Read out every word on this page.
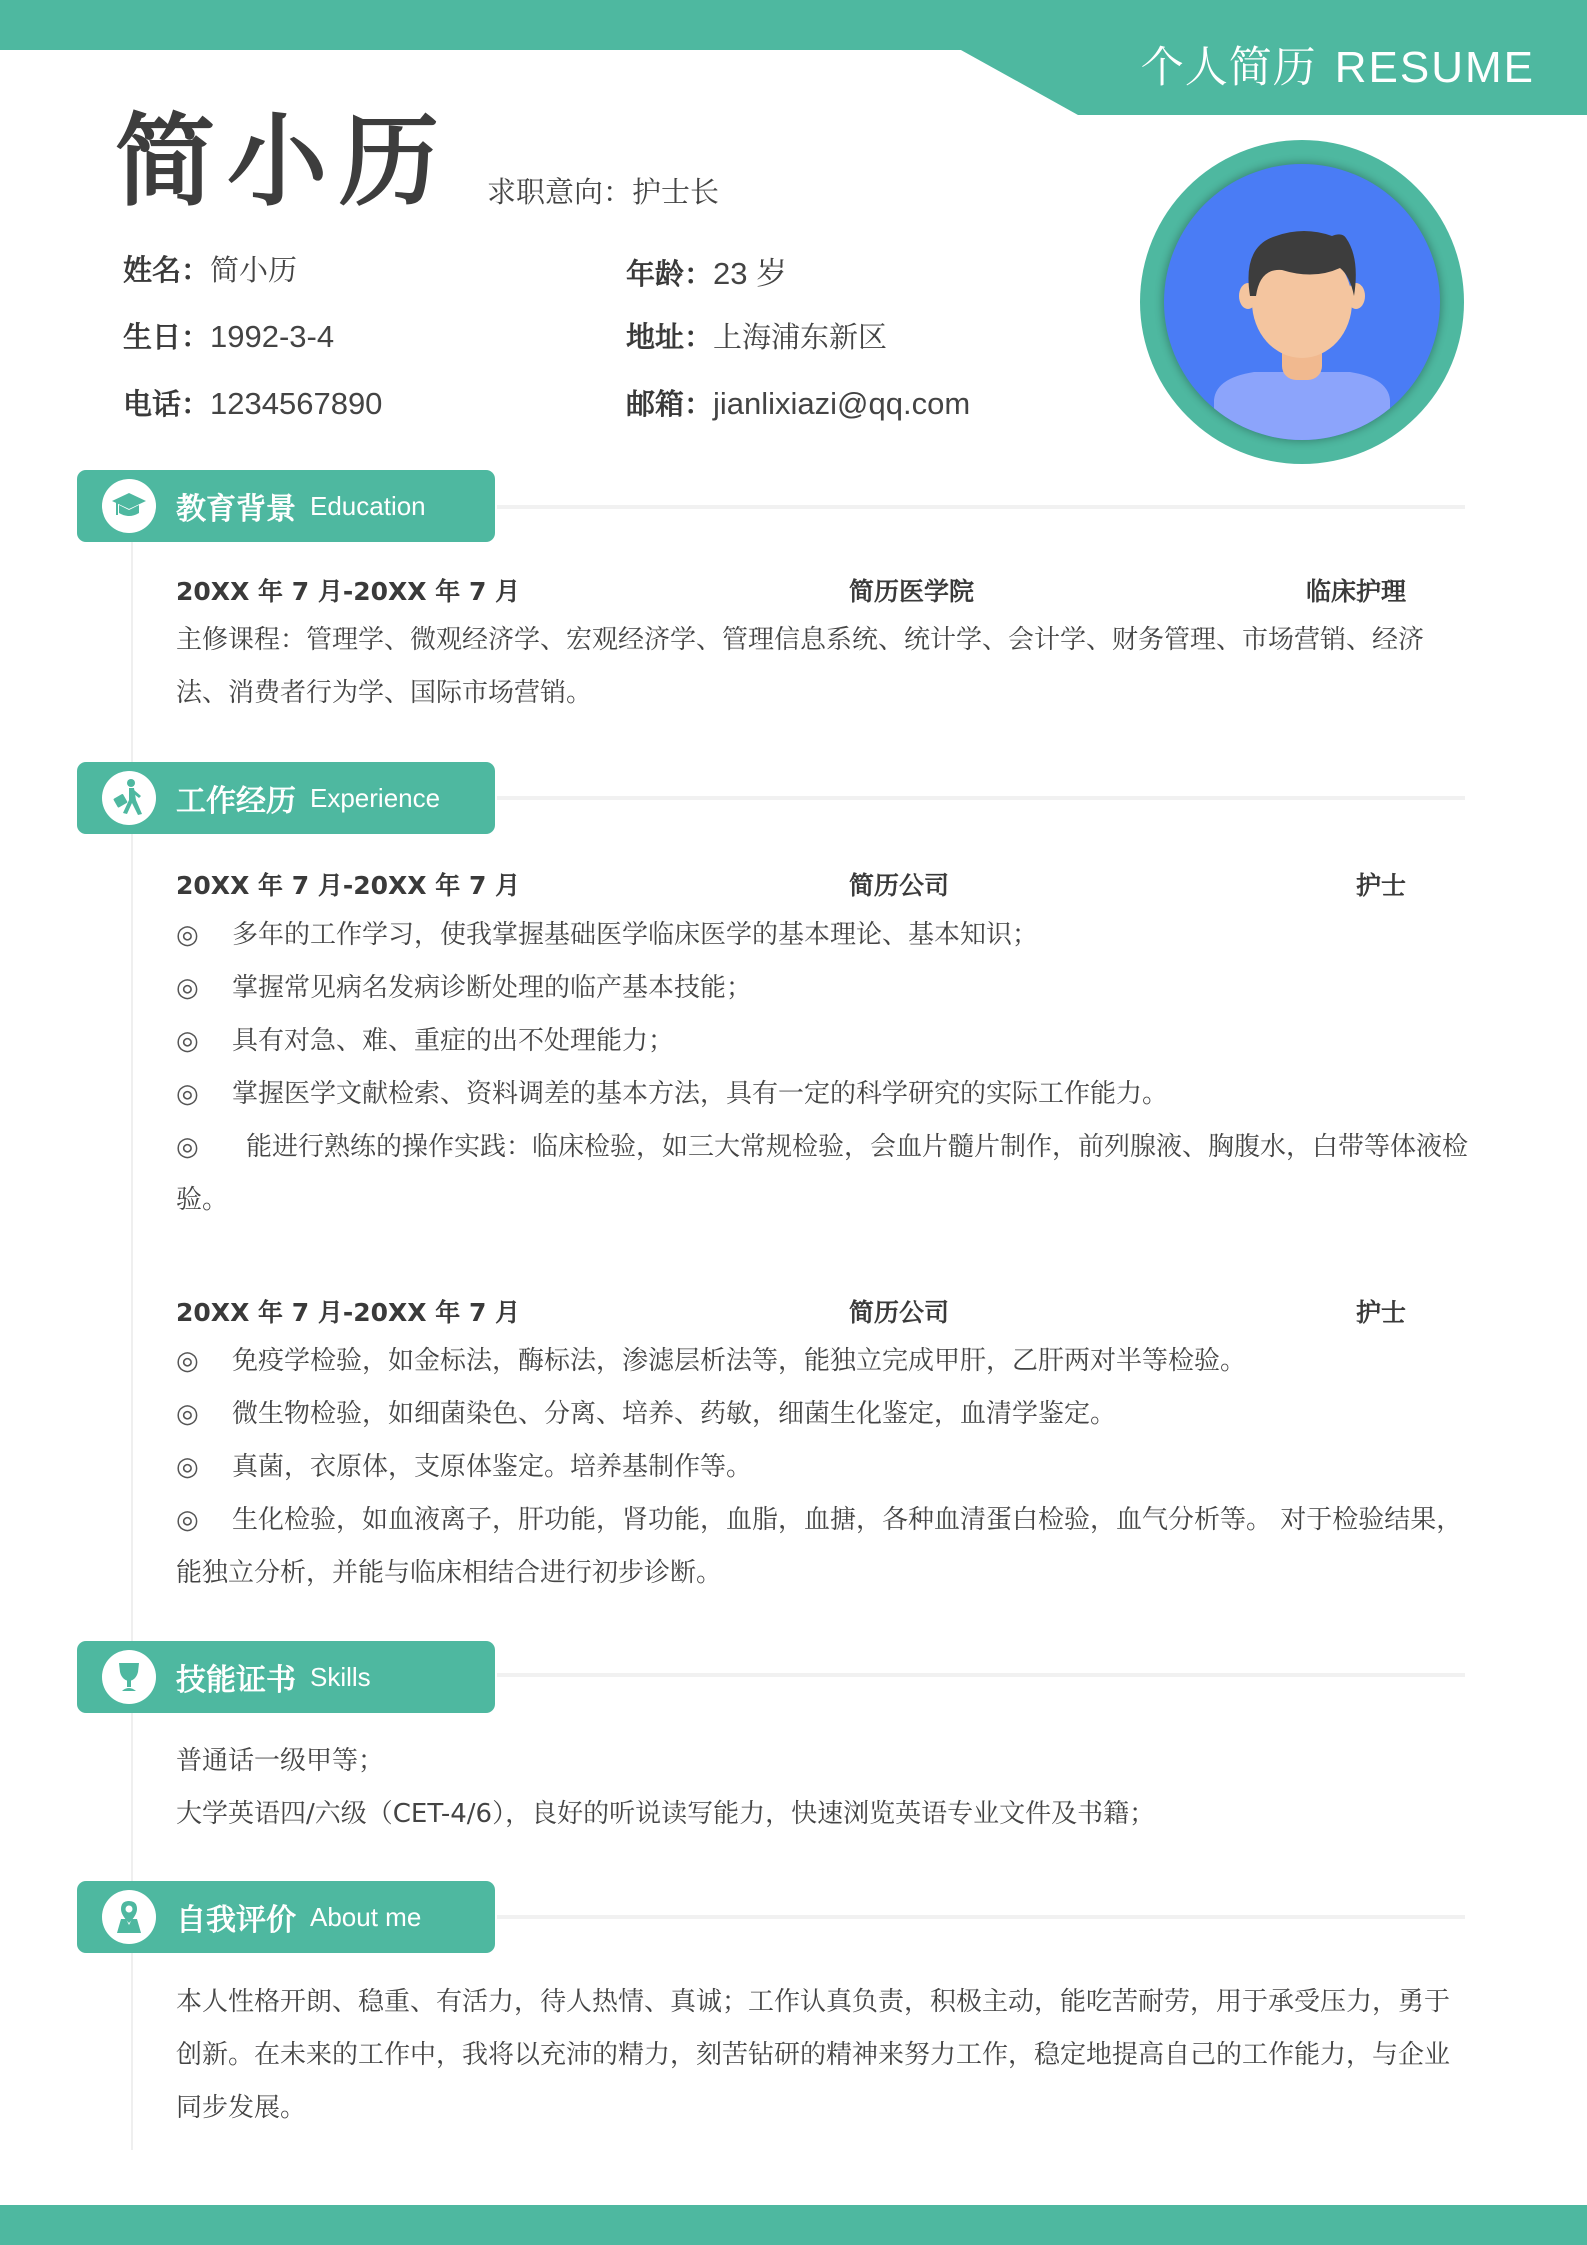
个人简历 RESUME
简小历 求职意向：护士长
姓名：简小历	年龄：23 岁
生日：1992-3-4	地址：上海浦东新区
电话：1234567890	邮箱：jianlixiazi@qq.com
教育背景 Education
20XX 年 7 月-20XX 年 7 月	简历医学院	临床护理
主修课程：管理学、微观经济学、宏观经济学、管理信息系统、统计学、会计学、财务管理、市场营销、经济法、消费者行为学、国际市场营销。
工作经历 Experience
20XX 年 7 月-20XX 年 7 月	简历公司	护士
◎ 多年的工作学习，使我掌握基础医学临床医学的基本理论、基本知识；
◎ 掌握常见病名发病诊断处理的临产基本技能；
◎ 具有对急、难、重症的出不处理能力；
◎ 掌握医学文献检索、资料调差的基本方法，具有一定的科学研究的实际工作能力。
◎ 能进行熟练的操作实践：临床检验，如三大常规检验，会血片髓片制作，前列腺液、胸腹水，白带等体液检验。
20XX 年 7 月-20XX 年 7 月	简历公司	护士
◎ 免疫学检验，如金标法，酶标法，渗滤层析法等，能独立完成甲肝，乙肝两对半等检验。
◎ 微生物检验，如细菌染色、分离、培养、药敏，细菌生化鉴定，血清学鉴定。
◎ 真菌，衣原体，支原体鉴定。培养基制作等。
◎ 生化检验，如血液离子，肝功能，肾功能，血脂，血搪，各种血清蛋白检验，血气分析等。 对于检验结果，能独立分析，并能与临床相结合进行初步诊断。
技能证书 Skills
普通话一级甲等；
大学英语四/六级（CET-4/6），良好的听说读写能力，快速浏览英语专业文件及书籍；
自我评价 About me
本人性格开朗、稳重、有活力，待人热情、真诚；工作认真负责，积极主动，能吃苦耐劳，用于承受压力，勇于创新。在未来的工作中，我将以充沛的精力，刻苦钻研的精神来努力工作，稳定地提高自己的工作能力，与企业同步发展。
